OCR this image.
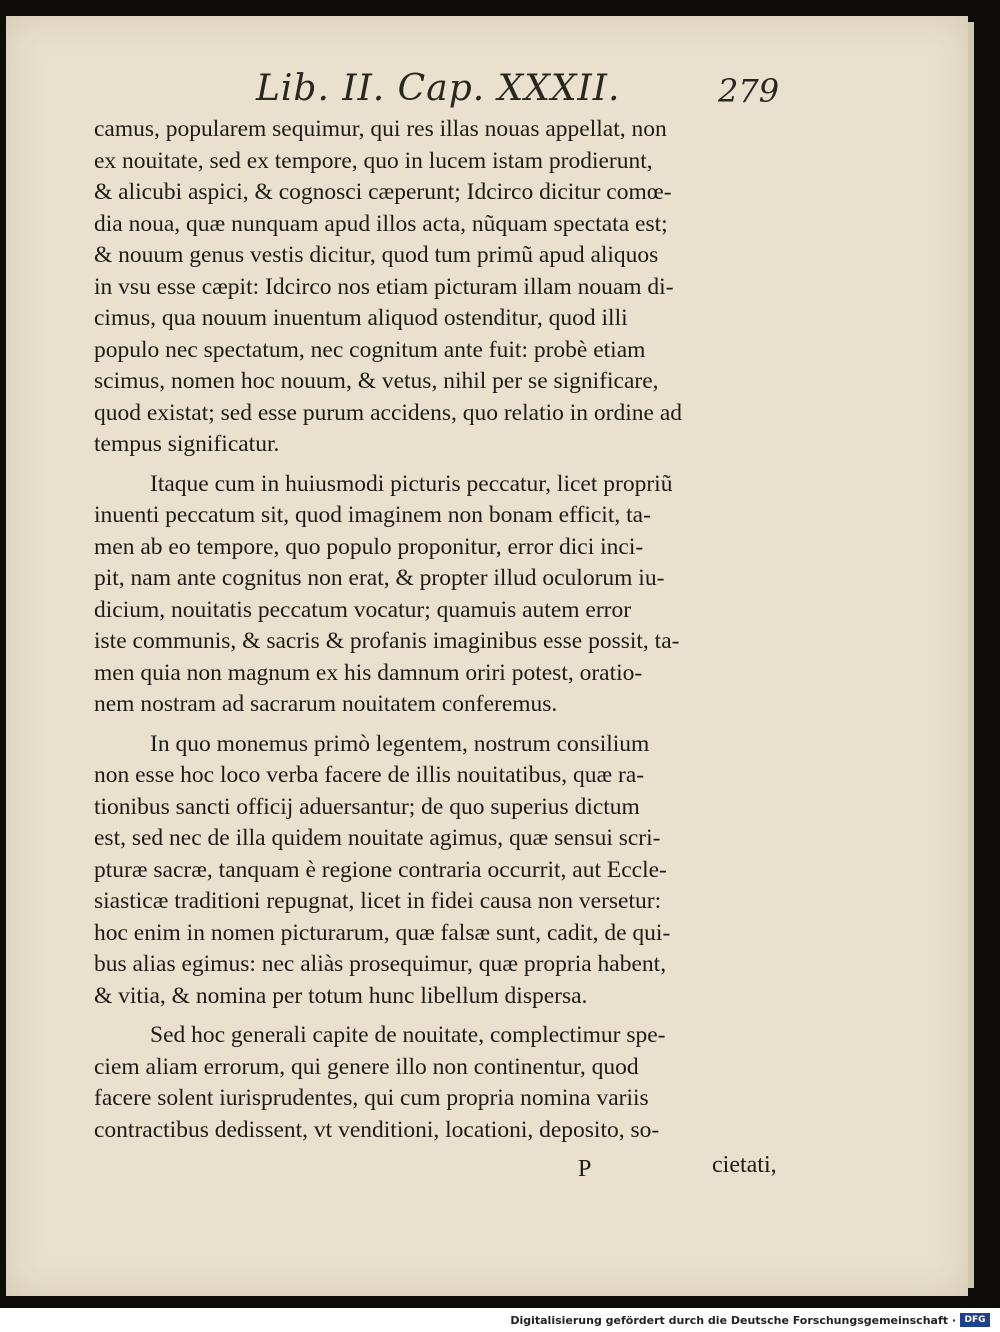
Lib. II. Cap. XXXII.	279

camus, popularem sequimur, qui res illas nouas appellat, non
ex nouitate, sed ex tempore, quo in lucem istam prodierunt,
& alicubi aspici, & cognosci cæperunt; Idcirco dicitur comœ-
dia noua, quæ nunquam apud illos acta, nũquam spectata est;
& nouum genus vestis dicitur, quod tum primũ apud aliquos
in vsu esse cæpit: Idcirco nos etiam picturam illam nouam di-
cimus, qua nouum inuentum aliquod ostenditur, quod illi
populo nec spectatum, nec cognitum ante fuit: probè etiam
scimus, nomen hoc nouum, & vetus, nihil per se significare,
quod existat; sed esse purum accidens, quo relatio in ordine ad
tempus significatur.

Itaque cum in huiusmodi picturis peccatur, licet propriũ
inuenti peccatum sit, quod imaginem non bonam efficit, ta-
men ab eo tempore, quo populo proponitur, error dici inci-
pit, nam ante cognitus non erat, & propter illud oculorum iu-
dicium, nouitatis peccatum vocatur; quamuis autem error
iste communis, & sacris & profanis imaginibus esse possit, ta-
men quia non magnum ex his damnum oriri potest, oratio-
nem nostram ad sacrarum nouitatem conferemus.

In quo monemus primò legentem, nostrum consilium
non esse hoc loco verba facere de illis nouitatibus, quæ ra-
tionibus sancti officij aduersantur; de quo superius dictum
est, sed nec de illa quidem nouitate agimus, quæ sensui scri-
pturæ sacræ, tanquam è regione contraria occurrit, aut Eccle-
siasticæ traditioni repugnat, licet in fidei causa non versetur:
hoc enim in nomen picturarum, quæ falsæ sunt, cadit, de qui-
bus alias egimus: nec aliàs prosequimur, quæ propria habent,
& vitia, & nomina per totum hunc libellum dispersa.

Sed hoc generali capite de nouitate, complectimur spe-
ciem aliam errorum, qui genere illo non continentur, quod
facere solent iurisprudentes, qui cum propria nomina variis
contractibus dedissent, vt venditioni, locationi, deposito, so-

P	cietati,
Digitalisierung gefördert durch die Deutsche Forschungsgemeinschaft · DFG
